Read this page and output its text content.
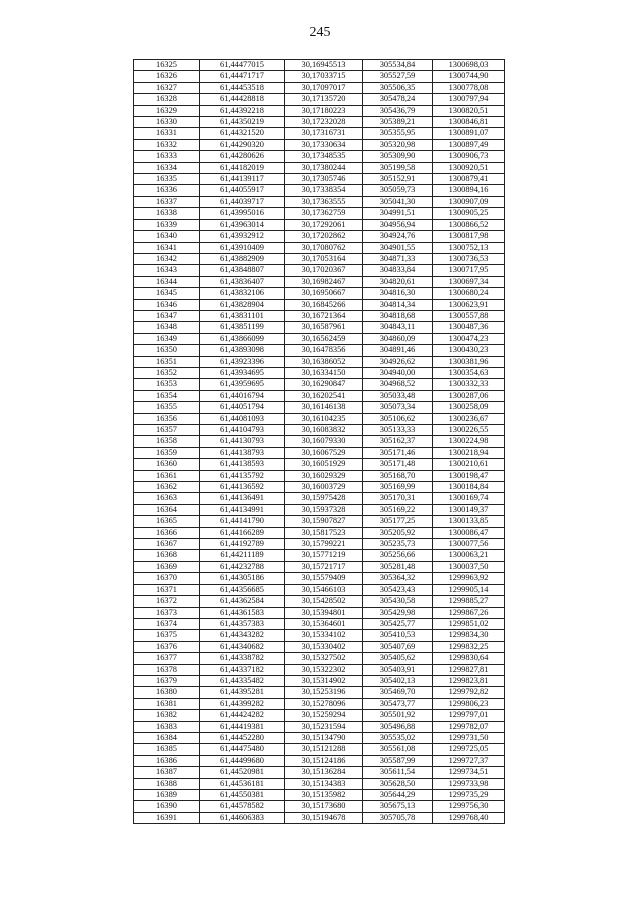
245
16325	61,44477015	30,16945513	305534,84	1300698,03
16326	61,44471717	30,17033715	305527,59	1300744,90
16327	61,44453518	30,17097017	305506,35	1300778,08
16328	61,44428818	30,17135720	305478,24	1300797,94
16329	61,44392218	30,17180223	305436,79	1300820,51
16330	61,44350219	30,17232028	305389,21	1300846,81
16331	61,44321520	30,17316731	305355,95	1300891,07
16332	61,44290320	30,17330634	305320,98	1300897,49
16333	61,44280626	30,17348535	305309,90	1300906,73
16334	61,44182019	30,17380244	305199,58	1300920,51
16335	61,44139117	30,17305746	305152,91	1300879,41
16336	61,44055917	30,17338354	305059,73	1300894,16
16337	61,44039717	30,17363555	305041,30	1300907,09
16338	61,43995016	30,17362759	304991,51	1300905,25
16339	61,43963014	30,17292061	304956,94	1300866,52
16340	61,43932912	30,17202862	304924,76	1300817,98
16341	61,43910409	30,17080762	304901,55	1300752,13
16342	61,43882909	30,17053164	304871,33	1300736,53
16343	61,43848807	30,17020367	304833,84	1300717,95
16344	61,43836407	30,16982467	304820,61	1300697,34
16345	61,43832106	30,16950667	304816,30	1300680,24
16346	61,43828904	30,16845266	304814,34	1300623,91
16347	61,43831101	30,16721364	304818,68	1300557,88
16348	61,43851199	30,16587961	304843,11	1300487,36
16349	61,43866099	30,16562459	304860,09	1300474,23
16350	61,43893098	30,16478356	304891,46	1300430,23
16351	61,43923396	30,16386052	304926,62	1300381,96
16352	61,43934695	30,16334150	304940,00	1300354,63
16353	61,43959695	30,16290847	304968,52	1300332,33
16354	61,44016794	30,16202541	305033,48	1300287,06
16355	61,44051794	30,16146138	305073,34	1300258,09
16356	61,44081093	30,16104235	305106,62	1300236,67
16357	61,44104793	30,16083832	305133,33	1300226,55
16358	61,44130793	30,16079330	305162,37	1300224,98
16359	61,44138793	30,16067529	305171,46	1300218,94
16360	61,44138593	30,16051929	305171,48	1300210,61
16361	61,44135792	30,16029329	305168,70	1300198,47
16362	61,44136592	30,16003729	305169,99	1300184,84
16363	61,44136491	30,15975428	305170,31	1300169,74
16364	61,44134991	30,15937328	305169,22	1300149,37
16365	61,44141790	30,15907827	305177,25	1300133,85
16366	61,44166289	30,15817523	305205,92	1300086,47
16367	61,44192789	30,15799221	305235,73	1300077,56
16368	61,44211189	30,15771219	305256,66	1300063,21
16369	61,44232788	30,15721717	305281,48	1300037,50
16370	61,44305186	30,15579409	305364,32	1299963,92
16371	61,44356685	30,15466103	305423,43	1299905,14
16372	61,44362584	30,15428502	305430,58	1299885,27
16373	61,44361583	30,15394801	305429,98	1299867,26
16374	61,44357383	30,15364601	305425,77	1299851,02
16375	61,44343282	30,15334102	305410,53	1299834,30
16376	61,44340682	30,15330402	305407,69	1299832,25
16377	61,44338782	30,15327502	305405,62	1299830,64
16378	61,44337182	30,15322302	305403,91	1299827,81
16379	61,44335482	30,15314902	305402,13	1299823,81
16380	61,44395281	30,15253196	305469,70	1299792,82
16381	61,44399282	30,15278096	305473,77	1299806,23
16382	61,44424282	30,15259294	305501,92	1299797,01
16383	61,44419381	30,15231594	305496,88	1299782,07
16384	61,44452280	30,15134790	305535,02	1299731,50
16385	61,44475480	30,15121288	305561,08	1299725,05
16386	61,44499680	30,15124186	305587,99	1299727,37
16387	61,44520981	30,15136284	305611,54	1299734,51
16388	61,44536181	30,15134383	305628,50	1299733,98
16389	61,44550381	30,15135982	305644,29	1299735,29
16390	61,44578582	30,15173680	305675,13	1299756,30
16391	61,44606383	30,15194678	305705,78	1299768,40
